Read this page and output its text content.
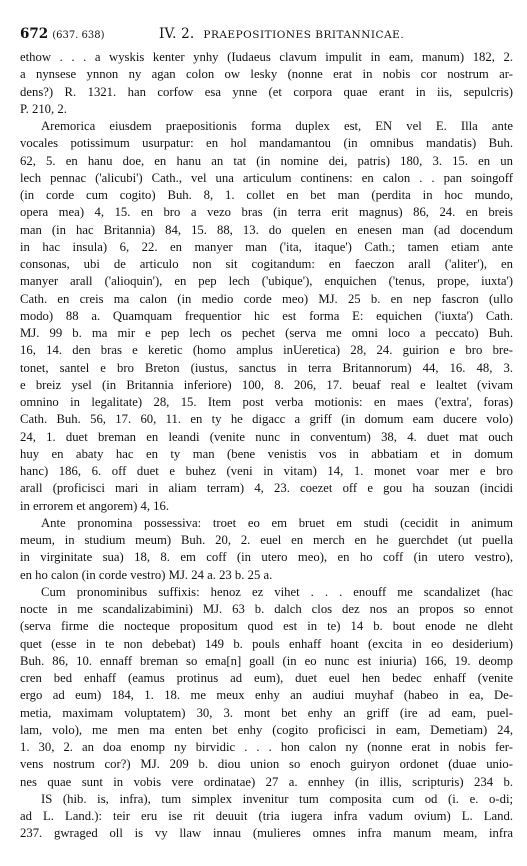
672 (637. 638)	IV. 2. PRAEPOSITIONES BRITANNICAE.
ethow . . . a wyskis kenter ynhy (Iudaeus clavum impulit in eam, manum) 182, 2.
a nynsese ynnon ny agan colon ow lesky (nonne erat in nobis cor nostrum ar-
dens?) R. 1321. han corfow esa ynne (et corpora quae erant in iis, sepulcris)
P. 210, 2.
Aremorica eiusdem praepositionis forma duplex est, EN vel E. Illa ante
vocales potissimum usurpatur: en hol mandamantou (in omnibus mandatis) Buh.
62, 5. en hanu doe, en hanu an tat (in nomine dei, patris) 180, 3. 15. en un
lech pennac ('alicubi') Cath., vel una articulum continens: en calon . . pan soingoff
(in corde cum cogito) Buh. 8, 1. collet en bet man (perdita in hoc mundo,
opera mea) 4, 15. en bro a vezo bras (in terra erit magnus) 86, 24. en breis
man (in hac Britannia) 84, 15. 88, 13. do quelen en enesen man (ad docendum
in hac insula) 6, 22. en manyer man ('ita, itaque') Cath.; tamen etiam ante
consonas, ubi de articulo non sit cogitandum: en faeczon arall ('aliter'), en
manyer arall ('alioquin'), en pep lech ('ubique'), enquichen ('tenus, prope, iuxta')
Cath. en creis ma calon (in medio corde meo) MJ. 25 b. en nep fascron (ullo
modo) 88 a. Quamquam frequentior hic est forma E: equichen ('iuxta') Cath.
MJ. 99 b. ma mir e pep lech os pechet (serva me omni loco a peccato) Buh.
16, 14. den bras e keretic (homo amplus inUeretica) 28, 24. guirion e bro bre-
tonet, santel e bro Breton (iustus, sanctus in terra Britannorum) 44, 16. 48, 3.
e breiz ysel (in Britannia inferiore) 100, 8. 206, 17. beuaf real e lealtet (vivam
omnino in legalitate) 28, 15. Item post verba motionis: en maes ('extra', foras)
Cath. Buh. 56, 17. 60, 11. en ty he digacc a griff (in domum eam ducere volo)
24, 1. duet breman en leandi (venite nunc in conventum) 38, 4. duet mat ouch
huy en abaty hac en ty man (bene venistis vos in abbatiam et in domum
hanc) 186, 6. off duet e buhez (veni in vitam) 14, 1. monet voar mer e bro
arall (proficisci mari in aliam terram) 4, 23. coezet off e gou ha souzan (incidi
in errorem et angorem) 4, 16.
Ante pronomina possessiva: troet eo em bruet em studi (cecidit in animum
meum, in studium meum) Buh. 20, 2. euel en merch en he guerchdet (ut puella
in virginitate sua) 18, 8. em coff (in utero meo), en ho coff (in utero vestro),
en ho calon (in corde vestro) MJ. 24 a. 23 b. 25 a.
Cum pronominibus suffixis: henoz ez vihet . . . enouff me scandalizet (hac
nocte in me scandalizabimini) MJ. 63 b. dalch clos dez nos an propos so ennot
(serva firme die nocteque propositum quod est in te) 14 b. bout enode ne dleht
quet (esse in te non debebat) 149 b. pouls enhaff hoant (excita in eo desiderium)
Buh. 86, 10. ennaff breman so ema[n] goall (in eo nunc est iniuria) 166, 19. deomp
cren bed enhaff (eamus protinus ad eum), duet euel hen bedec enhaff (venite
ergo ad eum) 184, 1. 18. me meux enhy an audiui muyhaf (habeo in ea, De-
metia, maximam voluptatem) 30, 3. mont bet enhy an griff (ire ad eam, puel-
lam, volo), me men ma enten bet enhy (cogito proficisci in eam, Demetiam) 24,
1. 30, 2. an doa enomp ny birvidic . . . hon calon ny (nonne erat in nobis fer-
vens nostrum cor?) MJ. 209 b. diou union so enoch guiryon ordonet (duae unio-
nes quae sunt in vobis vere ordinatae) 27 a. ennhey (in illis, scripturis) 234 b.
IS (hib. is, infra), tum simplex invenitur tum composita cum od (i. e. o-di;
ad L. Land.): teir eru ise rit deuuit (tria iugera infra vadum ovium) L. Land.
237. gwraged oll is vy llaw innau (mulieres omnes infra manum meam, infra
